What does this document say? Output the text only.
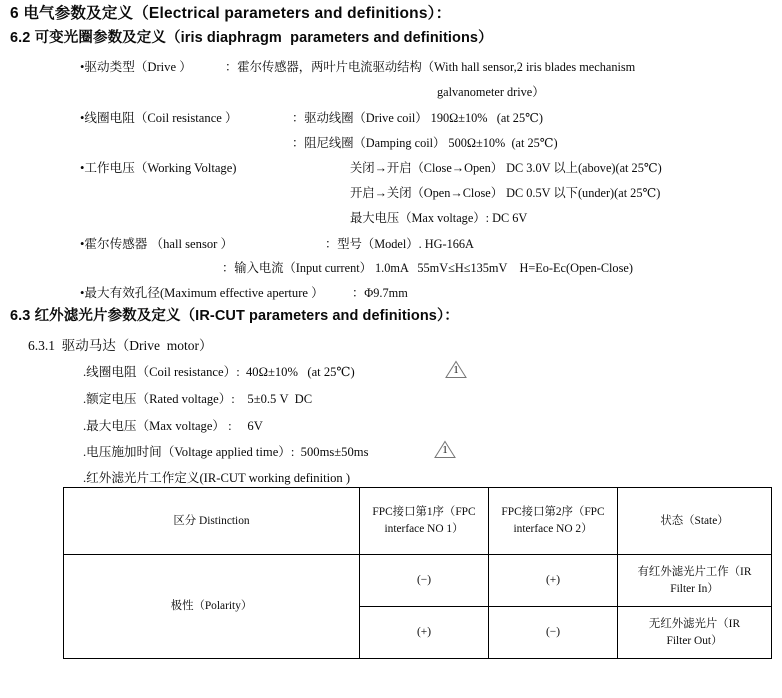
6 电气参数及定义（Electrical parameters and definitions）：
6.2 可变光圈参数及定义（iris diaphragm  parameters and definitions）
•驱动类型（Drive ）	：霍尔传感器，两叶片电流驱动结构（With hall sensor,2 iris blades mechanism
galvanometer drive）
•线圈电阻（Coil resistance ）	：驱动线圈（Drive coil） 190Ω±10%   (at 25℃)
：阻尼线圈（Damping coil） 500Ω±10%  (at 25℃)
•工作电压（Working Voltage)	关闭→开启（Close→Open） DC 3.0V 以上(above)(at 25℃)
开启→关闭（Open→Close） DC 0.5V 以下(under)(at 25℃)
最大电压（Max voltage）: DC 6V
•霍尔传感器 （hall sensor ）	：型号（Model）. HG-166A
：输入电流（Input current） 1.0mA   55mV≤H≤135mV    H=Eo-Ec(Open-Close)
•最大有效孔径(Maximum effective aperture ） ：Φ9.7mm
6.3 红外滤光片参数及定义（IR-CUT parameters and definitions）：
6.3.1  驱动马达（Drive  motor）
.线圈电阻（Coil resistance）:  40Ω±10%   (at 25℃)	1
.额定电压（Rated voltage）:    5±0.5 V  DC
.最大电压（Max voltage） :     6V
.电压施加时间（Voltage applied time）:  500ms±50ms	1
.红外滤光片工作定义(IR-CUT working definition )
区分 Distinction	FPC接口第1序（FPC
interface NO 1）	FPC接口第2序（FPC
interface NO 2）	状态（State）
极性（Polarity）	(−)	(+)	有红外滤光片工作（IR
Filter In）
	(+)	(−)	无红外滤光片（IR
Filter Out）
